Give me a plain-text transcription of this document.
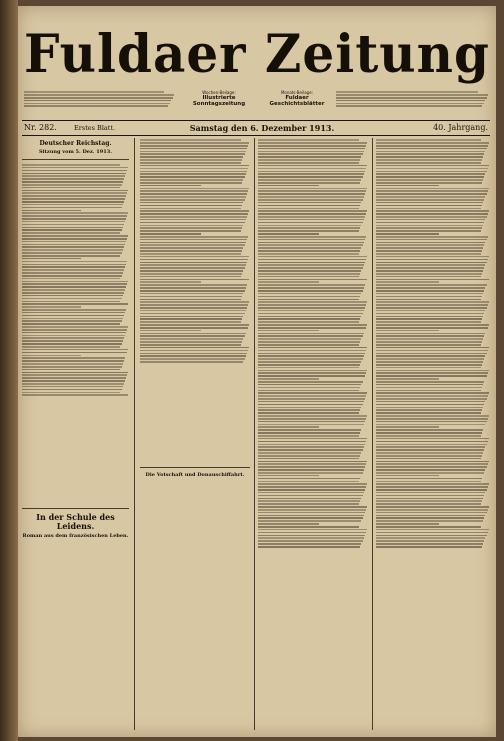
Fuldaer Zeitung
Wochen-Beilage:
Illustrierte Sonntagszeitung
Monats-Beilage:
Fuldaer Geschichtsblätter
Nr. 282.	Erstes Blatt.	Samstag den 6. Dezember 1913.	40. Jahrgang.
Deutscher Reichstag.
Sitzung vom 5. Dez. 1913.
In der Schule des Leidens.
Roman aus dem französischen Leben.
Die Votschaft und Donauschiffahrt.
